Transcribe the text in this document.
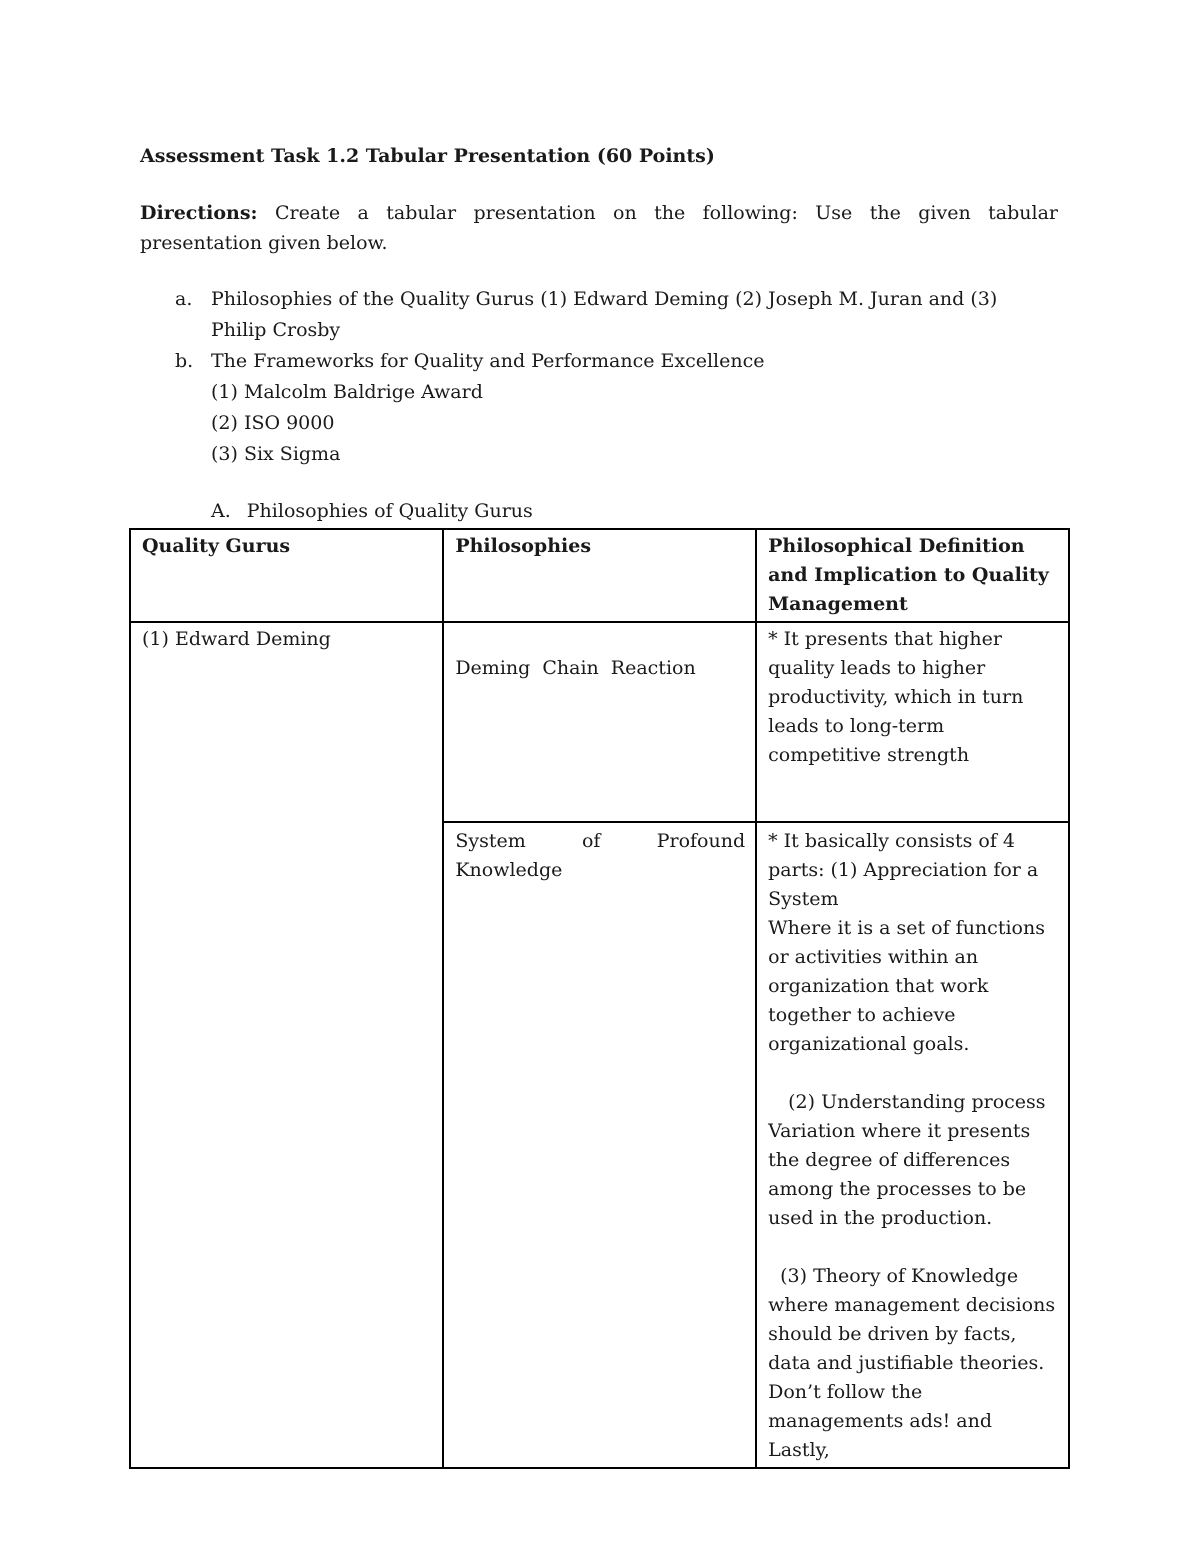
Assessment Task 1.2 Tabular Presentation (60 Points)

Directions: Create a tabular presentation on the following: Use the given tabular presentation given below.

a. Philosophies of the Quality Gurus (1) Edward Deming (2) Joseph M. Juran and (3) Philip Crosby
b. The Frameworks for Quality and Performance Excellence
(1) Malcolm Baldrige Award
(2) ISO 9000
(3) Six Sigma

A. Philosophies of Quality Gurus

Quality Gurus	Philosophies	Philosophical Definition and Implication to Quality Management
(1) Edward Deming	Deming Chain Reaction	* It presents that higher quality leads to higher productivity, which in turn leads to long-term competitive strength

	System of Profound Knowledge	* It basically consists of 4 parts: (1) Appreciation for a System
Where it is a set of functions or activities within an organization that work together to achieve organizational goals.
(2) Understanding process Variation where it presents the degree of differences among the processes to be used in the production.
(3) Theory of Knowledge where management decisions should be driven by facts, data and justifiable theories. Don’t follow the managements ads! and Lastly,
